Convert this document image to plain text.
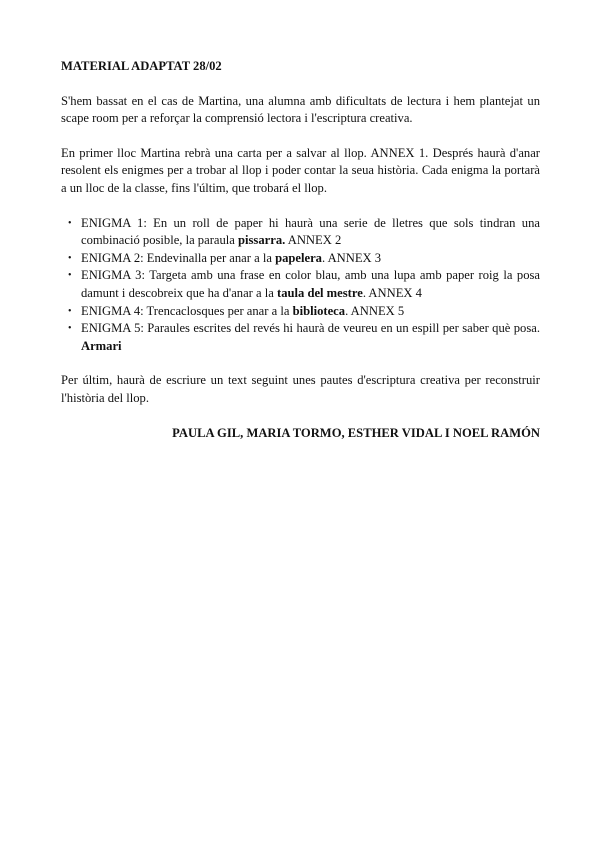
MATERIAL ADAPTAT 28/02

S'hem bassat en el cas de Martina, una alumna amb dificultats de lectura i hem plantejat un scape room per a reforçar la comprensió lectora i l'escriptura creativa.

En primer lloc Martina rebrà una carta per a salvar al llop. ANNEX 1. Després haurà d'anar resolent els enigmes per a trobar al llop i poder contar la seua història. Cada enigma la portarà a un lloc de la classe, fins l'últim, que trobará el llop.

• ENIGMA 1: En un roll de paper hi haurà una serie de lletres que sols tindran una combinació posible, la paraula pissarra. ANNEX 2
• ENIGMA 2: Endevinalla per anar a la papelera. ANNEX 3
• ENIGMA 3: Targeta amb una frase en color blau, amb una lupa amb paper roig la posa damunt i descobreix que ha d'anar a la taula del mestre. ANNEX 4
• ENIGMA 4: Trencaclosques per anar a la biblioteca. ANNEX 5
• ENIGMA 5: Paraules escrites del revés hi haurà de veureu en un espill per saber què posa. Armari

Per últim, haurà de escriure un text seguint unes pautes d'escriptura creativa per reconstruir l'història del llop.

PAULA GIL, MARIA TORMO, ESTHER VIDAL I NOEL RAMÓN
